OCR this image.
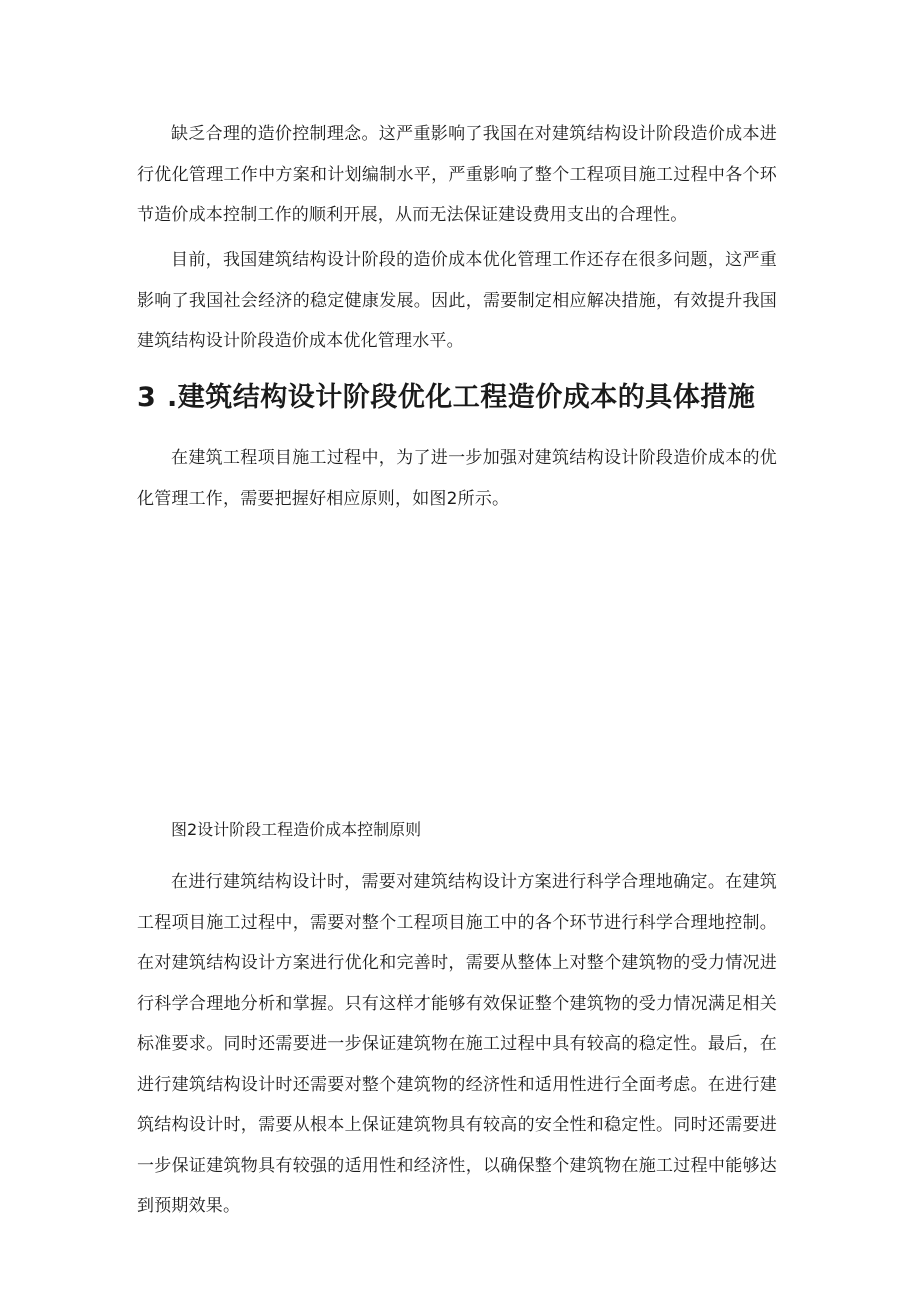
缺乏合理的造价控制理念。这严重影响了我国在对建筑结构设计阶段造价成本进行优化管理工作中方案和计划编制水平，严重影响了整个工程项目施工过程中各个环节造价成本控制工作的顺利开展，从而无法保证建设费用支出的合理性。

目前，我国建筑结构设计阶段的造价成本优化管理工作还存在很多问题，这严重影响了我国社会经济的稳定健康发展。因此，需要制定相应解决措施，有效提升我国建筑结构设计阶段造价成本优化管理水平。

3 .建筑结构设计阶段优化工程造价成本的具体措施

在建筑工程项目施工过程中，为了进一步加强对建筑结构设计阶段造价成本的优化管理工作，需要把握好相应原则，如图2所示。

图2设计阶段工程造价成本控制原则

在进行建筑结构设计时，需要对建筑结构设计方案进行科学合理地确定。在建筑工程项目施工过程中，需要对整个工程项目施工中的各个环节进行科学合理地控制。在对建筑结构设计方案进行优化和完善时，需要从整体上对整个建筑物的受力情况进行科学合理地分析和掌握。只有这样才能够有效保证整个建筑物的受力情况满足相关标准要求。同时还需要进一步保证建筑物在施工过程中具有较高的稳定性。最后，在进行建筑结构设计时还需要对整个建筑物的经济性和适用性进行全面考虑。在进行建筑结构设计时，需要从根本上保证建筑物具有较高的安全性和稳定性。同时还需要进一步保证建筑物具有较强的适用性和经济性，以确保整个建筑物在施工过程中能够达到预期效果。
